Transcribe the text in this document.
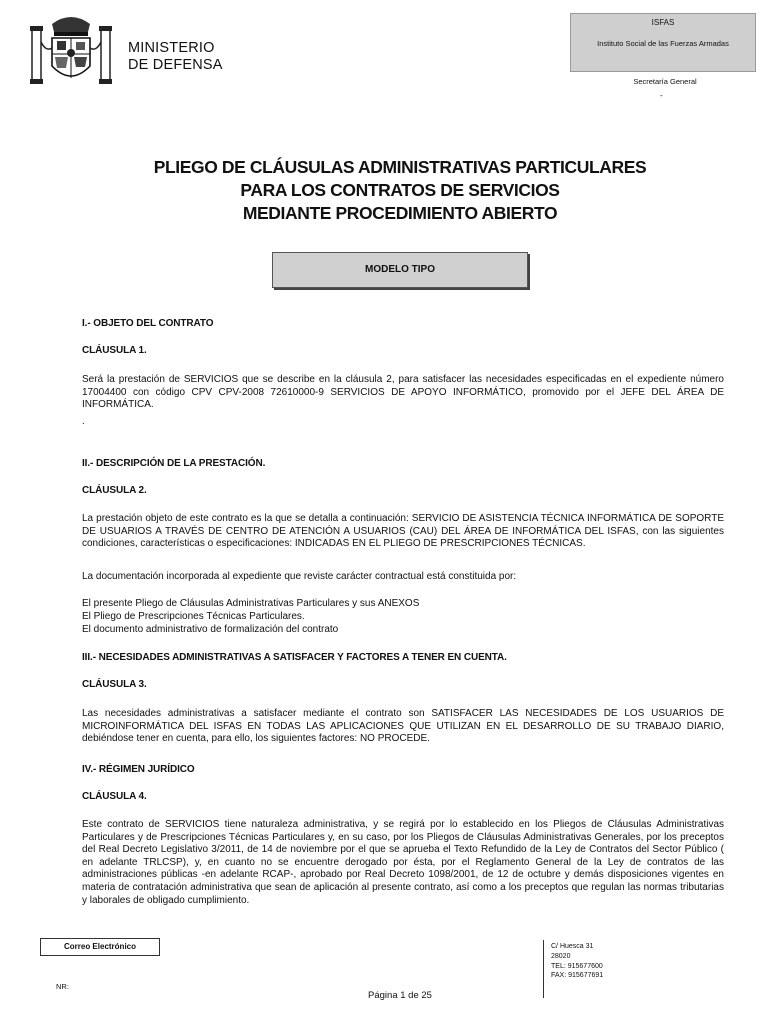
MINISTERIO
DE DEFENSA
ISFAS
Instituto Social de las Fuerzas Armadas
Secretaría General
-
PLIEGO DE CLÁUSULAS ADMINISTRATIVAS PARTICULARES
PARA LOS CONTRATOS DE SERVICIOS
MEDIANTE PROCEDIMIENTO ABIERTO
MODELO TIPO
I.- OBJETO DEL CONTRATO
CLÁUSULA 1.
Será la prestación de SERVICIOS que se describe en la cláusula 2, para satisfacer las necesidades especificadas en el expediente número 17004400 con código CPV CPV-2008 72610000-9 SERVICIOS DE APOYO INFORMÁTICO, promovido por el JEFE DEL ÁREA DE INFORMÁTICA.
.
II.- DESCRIPCIÓN DE LA PRESTACIÓN.
CLÁUSULA 2.
La prestación objeto de este contrato es la que se detalla a continuación: SERVICIO DE ASISTENCIA TÉCNICA INFORMÁTICA DE SOPORTE DE USUARIOS A TRAVÉS DE CENTRO DE ATENCIÓN A USUARIOS (CAU) DEL ÁREA DE INFORMÁTICA DEL ISFAS, con las siguientes condiciones, características o especificaciones: INDICADAS EN EL PLIEGO DE PRESCRIPCIONES TÉCNICAS.
La documentación incorporada al expediente que reviste carácter contractual está constituida por:
El presente Pliego de Cláusulas Administrativas Particulares y sus ANEXOS
El Pliego de Prescripciones Técnicas Particulares.
El documento administrativo de formalización del contrato
III.- NECESIDADES ADMINISTRATIVAS A SATISFACER Y FACTORES A TENER EN CUENTA.
CLÁUSULA 3.
Las necesidades administrativas a satisfacer mediante el contrato son SATISFACER LAS NECESIDADES DE LOS USUARIOS DE MICROINFORMÁTICA DEL ISFAS EN TODAS LAS APLICACIONES QUE UTILIZAN EN EL DESARROLLO DE SU TRABAJO DIARIO, debiéndose tener en cuenta, para ello, los siguientes factores: NO PROCEDE.
IV.- RÉGIMEN JURÍDICO
CLÁUSULA 4.
Este contrato de SERVICIOS tiene naturaleza administrativa, y se regirá por lo establecido en los Pliegos de Cláusulas Administrativas Particulares y de Prescripciones Técnicas Particulares y, en su caso, por los Pliegos de Cláusulas Administrativas Generales, por los preceptos del Real Decreto Legislativo 3/2011, de 14 de noviembre por el que se aprueba el Texto Refundido de la Ley de Contratos del Sector Público ( en adelante TRLCSP), y, en cuanto no se encuentre derogado por ésta, por el Reglamento General de la Ley de contratos de las administraciones públicas -en adelante RCAP-, aprobado por Real Decreto 1098/2001, de 12 de octubre y demás disposiciones vigentes en materia de contratación administrativa que sean de aplicación al presente contrato, así como a los preceptos que regulan las normas tributarias y laborales de obligado cumplimiento.
Correo Electrónico
NR:
Página 1 de 25
C/ Huesca 31
28020
TEL: 915677600
FAX: 915677691
